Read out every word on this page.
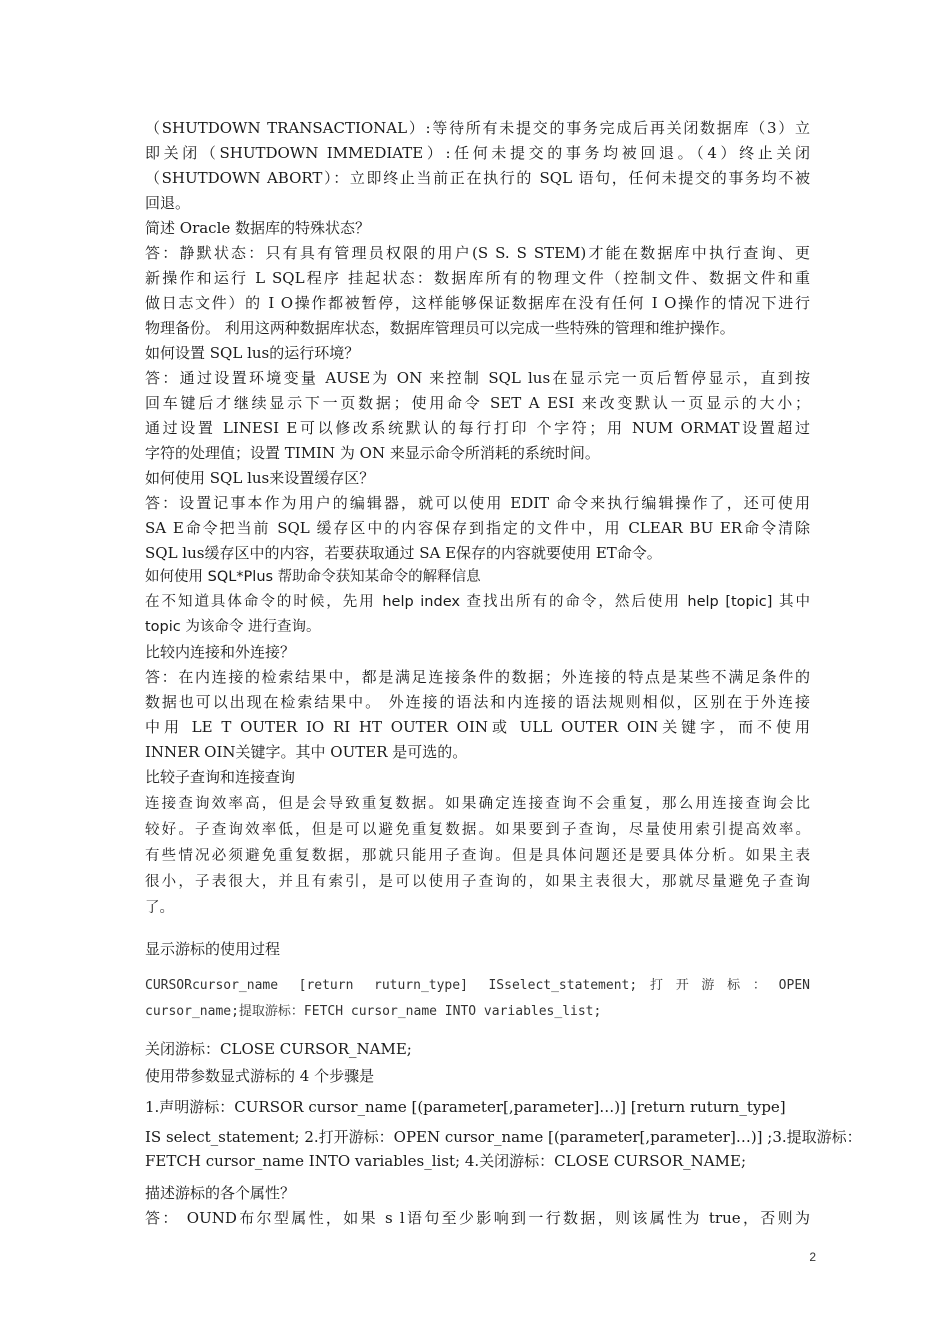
（SHUTDOWN TRANSACTIONAL）:等待所有未提交的事务完成后再关闭数据库（3）立
即关闭（SHUTDOWN IMMEDIATE）:任何未提交的事务均被回退。（4）终止关闭
（SHUTDOWN ABORT）：立即终止当前正在执行的 SQL 语句，任何未提交的事务均不被
回退。
简述 Oracle 数据库的特殊状态？
答：静默状态：只有具有管理员权限的用户(S S. S STEM)才能在数据库中执行查询、更
新操作和运行 L SQL程序 挂起状态：数据库所有的物理文件（控制文件、数据文件和重
做日志文件）的 I O操作都被暂停，这样能够保证数据库在没有任何 I O操作的情况下进行
物理备份。 利用这两种数据库状态，数据库管理员可以完成一些特殊的管理和维护操作。
如何设置 SQL lus的运行环境？
答：通过设置环境变量 AUSE为 ON 来控制 SQL lus在显示完一页后暂停显示，直到按
回车键后才继续显示下一页数据；使用命令 SET A ESI 来改变默认一页显示的大小；
通过设置 LINESI E可以修改系统默认的每行打印 个字符；用 NUM ORMAT设置超过
字符的处理值；设置 TIMIN 为 ON 来显示命令所消耗的系统时间。
如何使用 SQL lus来设置缓存区？
答：设置记事本作为用户的编辑器，就可以使用 EDIT 命令来执行编辑操作了，还可使用
SA E命令把当前 SQL 缓存区中的内容保存到指定的文件中，用 CLEAR BU ER命令清除
SQL lus缓存区中的内容，若要获取通过 SA E保存的内容就要使用 ET命令。
如何使用 SQL*Plus 帮助命令获知某命令的解释信息
在不知道具体命令的时候，先用 help index 查找出所有的命令，然后使用 help [topic] 其中
topic 为该命令 进行查询。
比较内连接和外连接？
答：在内连接的检索结果中，都是满足连接条件的数据；外连接的特点是某些不满足条件的
数据也可以出现在检索结果中。 外连接的语法和内连接的语法规则相似，区别在于外连接
中用 LE T OUTER IO RI HT OUTER OIN或 ULL OUTER OIN关键字，而不使用
INNER OIN关键字。其中 OUTER 是可选的。
比较子查询和连接查询
连接查询效率高，但是会导致重复数据。如果确定连接查询不会重复，那么用连接查询会比
较好。子查询效率低，但是可以避免重复数据。如果要到子查询，尽量使用索引提高效率。
有些情况必须避免重复数据，那就只能用子查询。但是具体问题还是要具体分析。如果主表
很小，子表很大，并且有索引，是可以使用子查询的，如果主表很大，那就尽量避免子查询
了。
显示游标的使用过程
CURSORcursor_name [return ruturn_type] ISselect_statement;打开游标：OPEN
cursor_name;提取游标：FETCH cursor_name INTO variables_list;
关闭游标：CLOSE CURSOR_NAME;
使用带参数显式游标的 4 个步骤是
1.声明游标：CURSOR cursor_name [(parameter[,parameter]…)] [return ruturn_type]
IS select_statement; 2.打开游标：OPEN cursor_name [(parameter[,parameter]…)] ;3.提取游标：
FETCH cursor_name INTO variables_list; 4.关闭游标：CLOSE CURSOR_NAME;
描述游标的各个属性？
答： OUND布尔型属性，如果 s l语句至少影响到一行数据，则该属性为 true，否则为
2
